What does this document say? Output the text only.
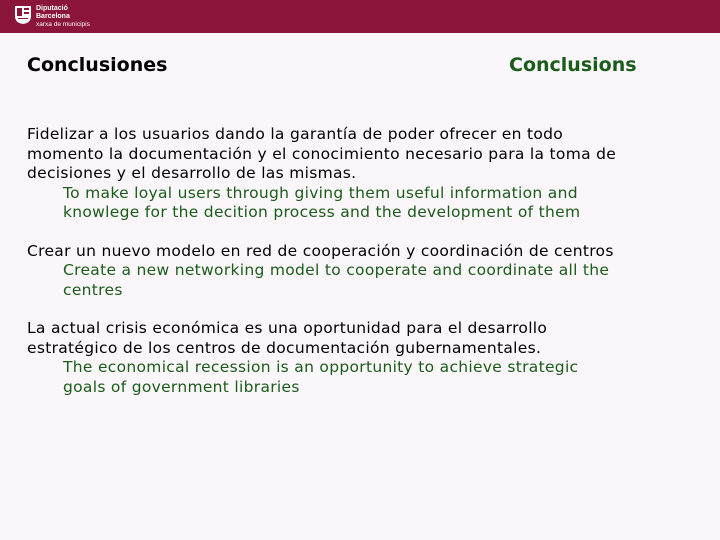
Diputació
Barcelona
xarxa de municipis
Conclusiones	Conclusions
Fidelizar a los usuarios dando la garantía de poder ofrecer en todo
momento la documentación y el conocimiento necesario para la toma de
decisiones y el desarrollo de las mismas.
To make loyal users through giving them useful information and
knowlege for the decition process and the development of them
Crear un nuevo modelo en red de cooperación y coordinación de centros
Create a new networking model to cooperate and coordinate all the
centres
La actual crisis económica es una oportunidad para el desarrollo
estratégico de los centros de documentación gubernamentales.
The economical recession is an opportunity to achieve strategic
goals of government libraries
